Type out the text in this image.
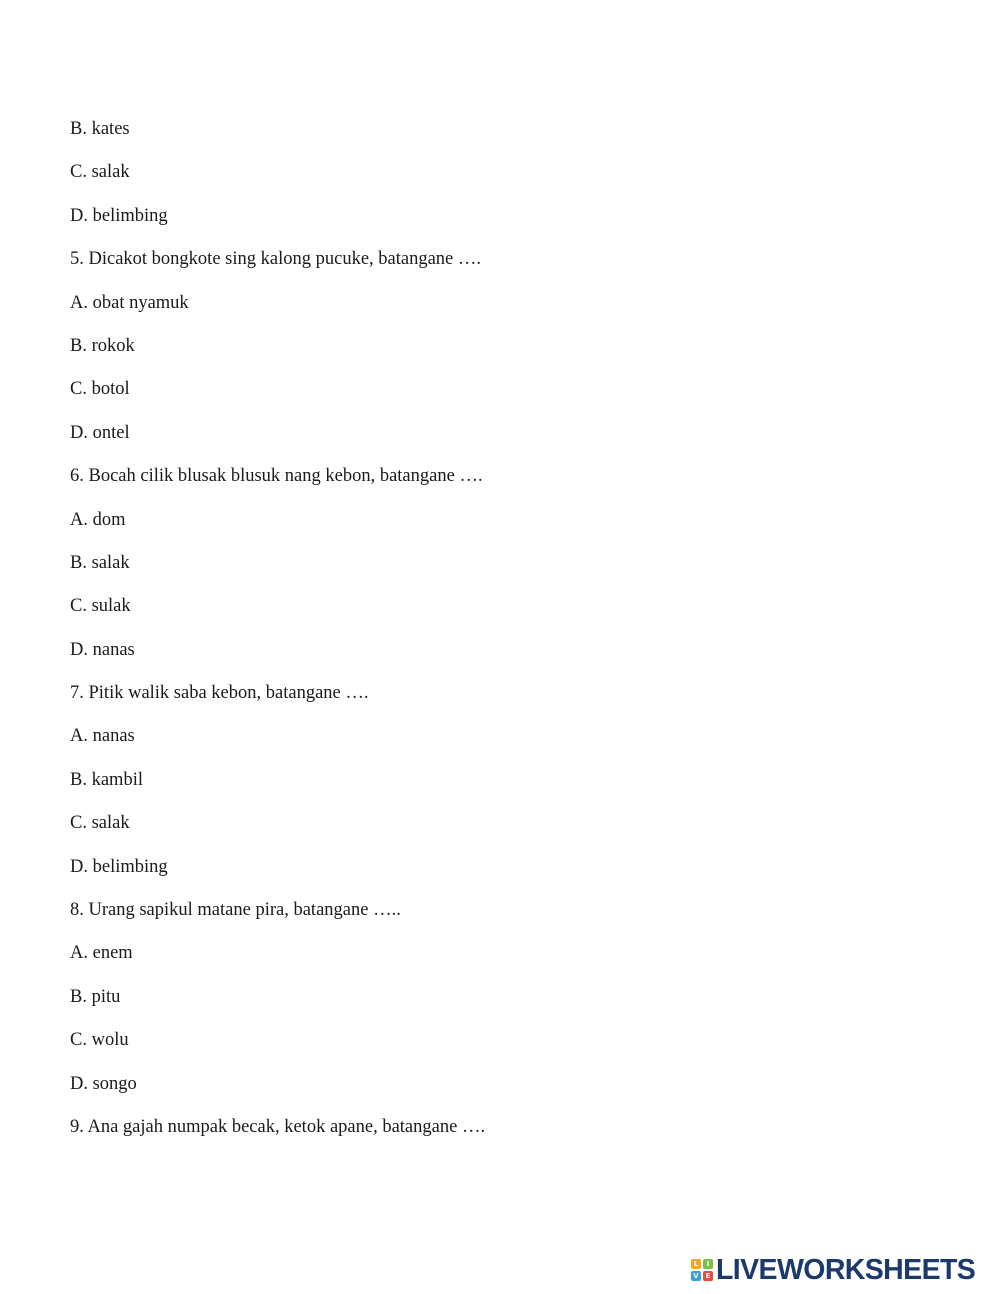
B. kates
C. salak
D. belimbing
5. Dicakot bongkote sing kalong pucuke, batangane ….
A. obat nyamuk
B. rokok
C. botol
D. ontel
6. Bocah cilik blusak blusuk nang kebon, batangane ….
A. dom
B. salak
C. sulak
D. nanas
7. Pitik walik saba kebon, batangane ….
A. nanas
B. kambil
C. salak
D. belimbing
8. Urang sapikul matane pira, batangane …..
A. enem
B. pitu
C. wolu
D. songo
9. Ana gajah numpak becak, ketok apane, batangane ….
L	I
V E LIVEWORKSHEETS
